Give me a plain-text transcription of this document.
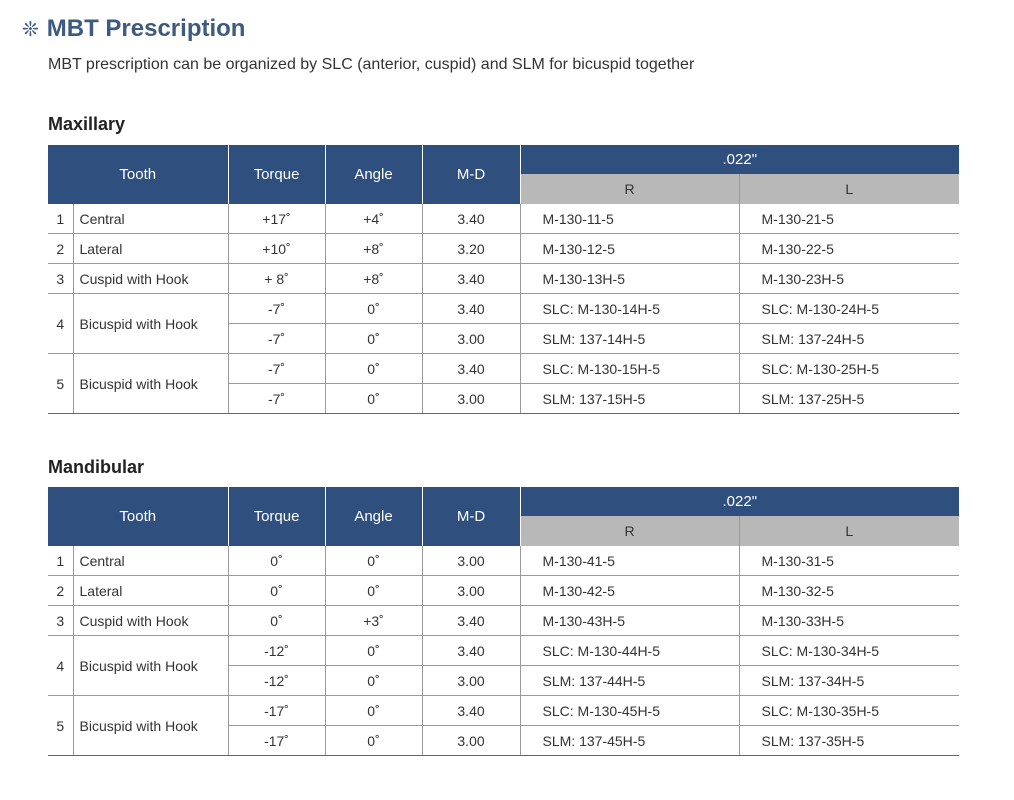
❊ MBT Prescription
MBT prescription can be organized by SLC (anterior, cuspid) and SLM for bicuspid together
Maxillary
Tooth		Torque	Angle	M-D	.022"	
					R	L
1	Central	+17˚	+4˚	3.40	M-130-11-5	M-130-21-5
2	Lateral	+10˚	+8˚	3.20	M-130-12-5	M-130-22-5
3	Cuspid with Hook	+ 8˚	+8˚	3.40	M-130-13H-5	M-130-23H-5
4	Bicuspid with Hook	-7˚	0˚	3.40	SLC: M-130-14H-5	SLC: M-130-24H-5
		-7˚	0˚	3.00	SLM: 137-14H-5	SLM: 137-24H-5
5	Bicuspid with Hook	-7˚	0˚	3.40	SLC: M-130-15H-5	SLC: M-130-25H-5
		-7˚	0˚	3.00	SLM: 137-15H-5	SLM: 137-25H-5
Mandibular
Tooth		Torque	Angle	M-D	.022"	
					R	L
1	Central	0˚	0˚	3.00	M-130-41-5	M-130-31-5
2	Lateral	0˚	0˚	3.00	M-130-42-5	M-130-32-5
3	Cuspid with Hook	0˚	+3˚	3.40	M-130-43H-5	M-130-33H-5
4	Bicuspid with Hook	-12˚	0˚	3.40	SLC: M-130-44H-5	SLC: M-130-34H-5
		-12˚	0˚	3.00	SLM: 137-44H-5	SLM: 137-34H-5
5	Bicuspid with Hook	-17˚	0˚	3.40	SLC: M-130-45H-5	SLC: M-130-35H-5
		-17˚	0˚	3.00	SLM: 137-45H-5	SLM: 137-35H-5
